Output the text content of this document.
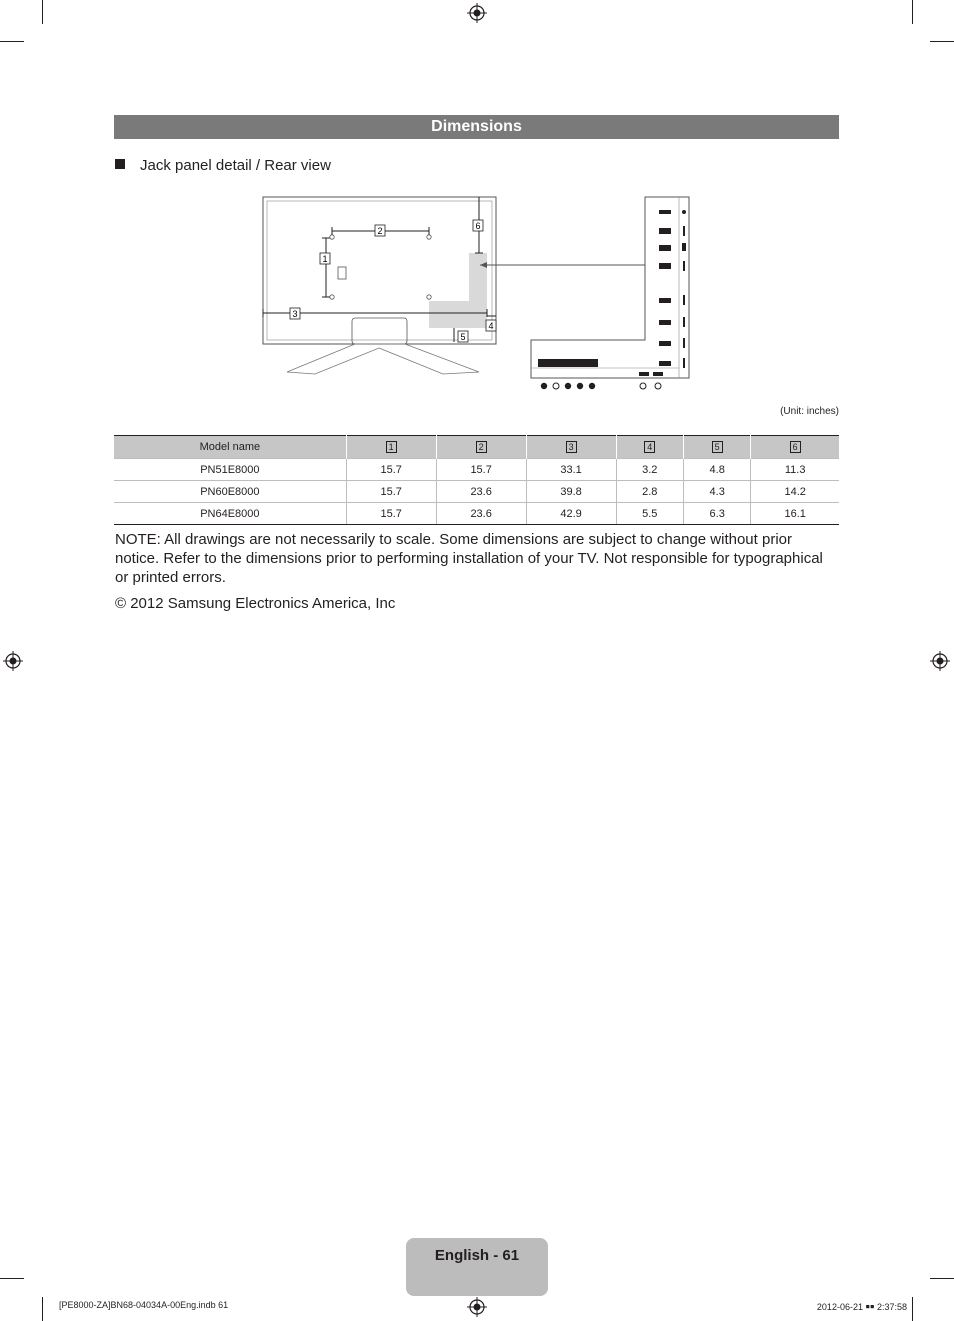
Dimensions
Jack panel detail / Rear view
1
2
3
4
5
6
(Unit: inches)
Model name	1	2	3	4	5	6
PN51E8000	15.7	15.7	33.1	3.2	4.8	11.3
PN60E8000	15.7	23.6	39.8	2.8	4.3	14.2
PN64E8000	15.7	23.6	42.9	5.5	6.3	16.1
NOTE: All drawings are not necessarily to scale. Some dimensions are subject to change without prior notice. Refer to the dimensions prior to performing installation of your TV. Not responsible for typographical or printed errors.
© 2012 Samsung Electronics America, Inc
English - 61
[PE8000-ZA]BN68-04034A-00Eng.indb 61	2012-06-21 ￭￭ 2:37:58
